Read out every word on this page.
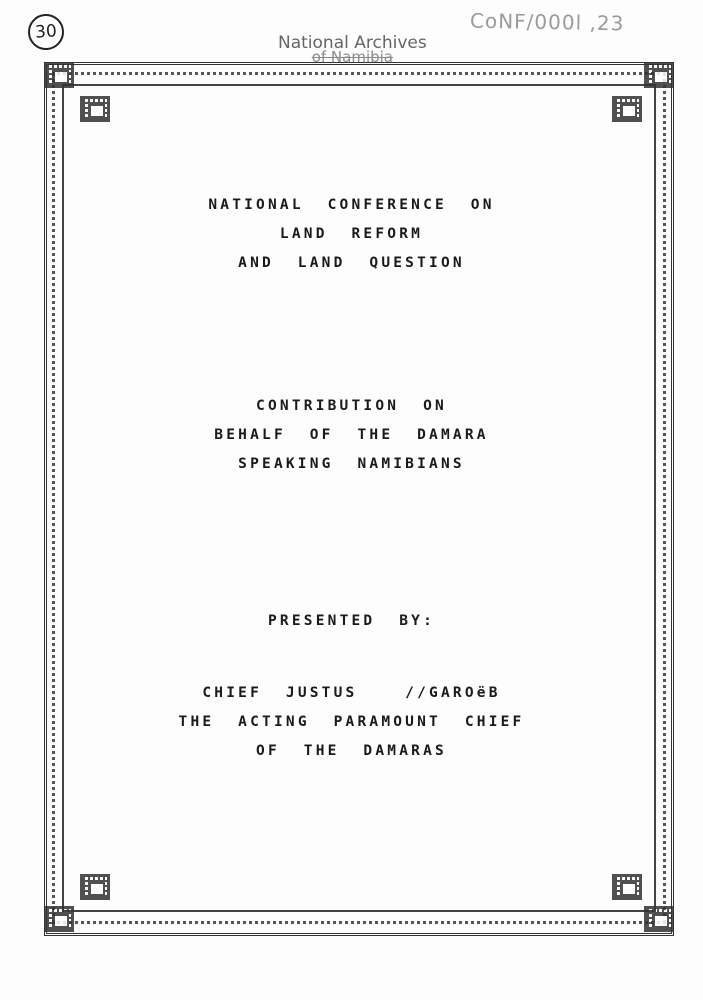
30	CoNF/000l ,23
National Archives
of Namibia
NATIONAL  CONFERENCE  ON
LAND  REFORM
AND  LAND  QUESTION
CONTRIBUTION  ON
BEHALF  OF  THE  DAMARA
SPEAKING  NAMIBIANS
PRESENTED  BY:
CHIEF  JUSTUS    //GAROëB
THE  ACTING  PARAMOUNT  CHIEF
OF  THE  DAMARAS
